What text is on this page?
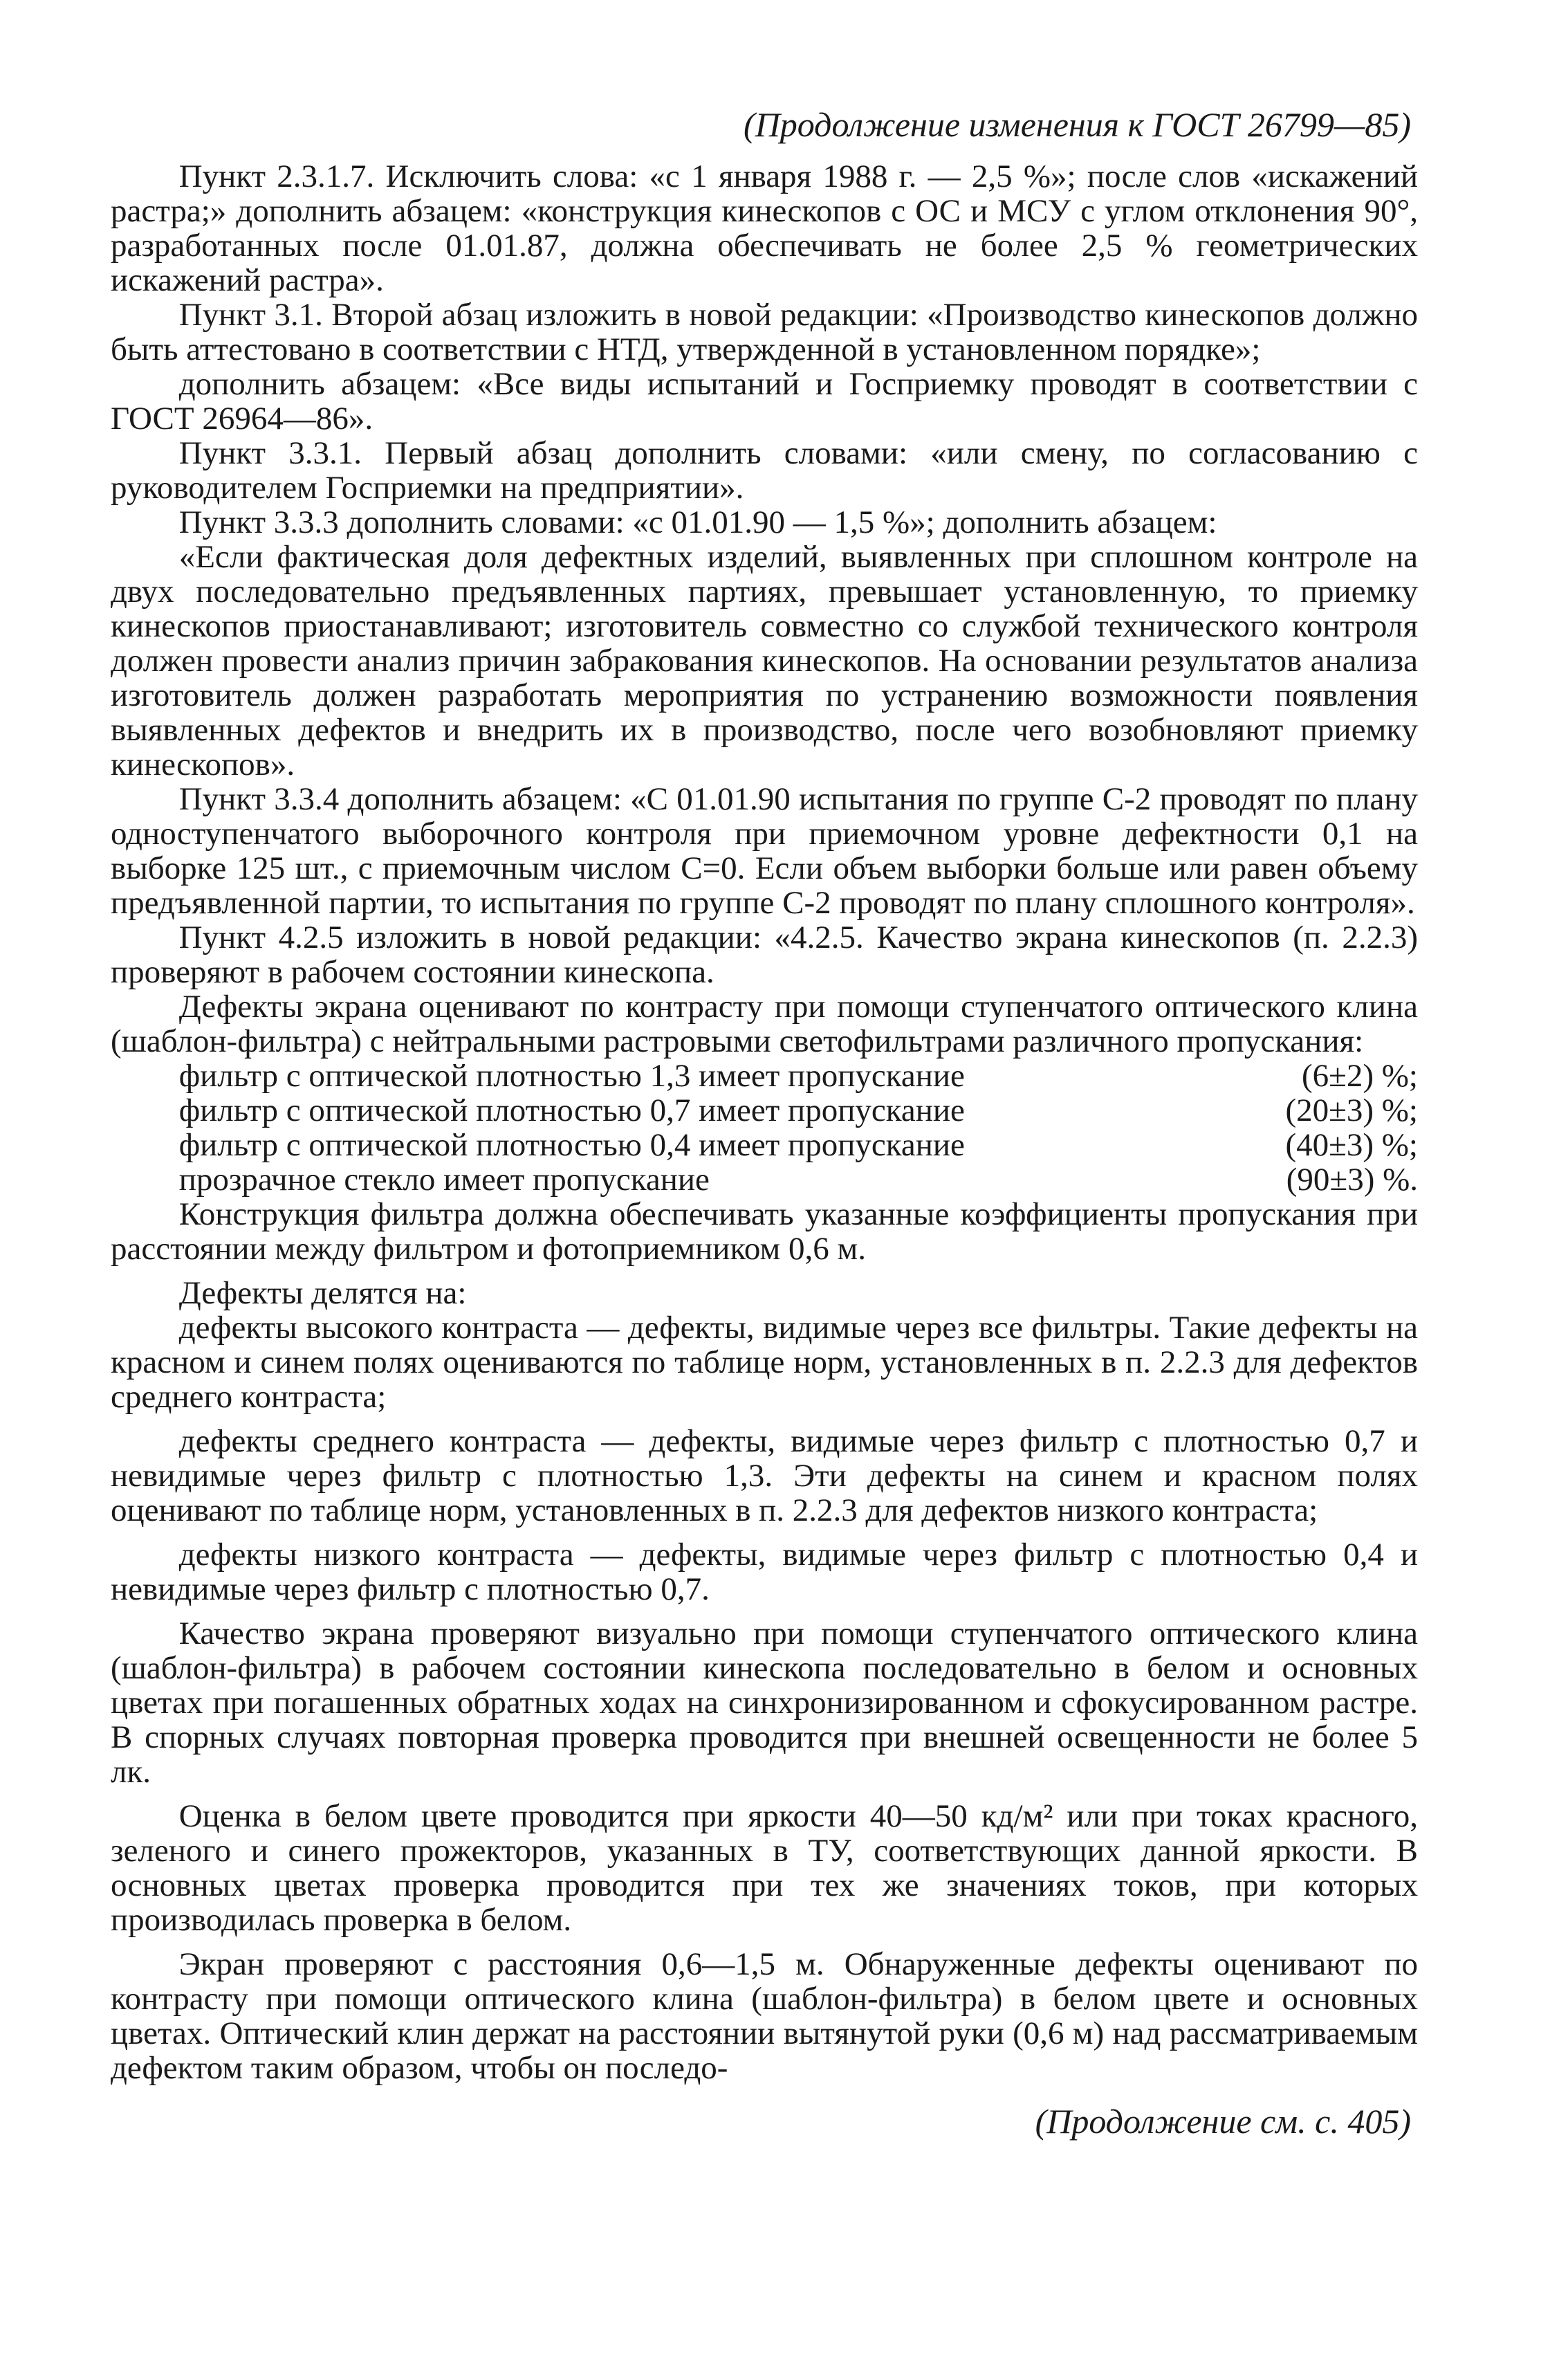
(Продолжение изменения к ГОСТ 26799—85)

Пункт 2.3.1.7. Исключить слова: «с 1 января 1988 г. — 2,5 %»; после слов «искажений растра;» дополнить абзацем: «конструкция кинескопов с ОС и МСУ с углом отклонения 90°, разработанных после 01.01.87, должна обеспечивать не более 2,5 % геометрических искажений растра».

Пункт 3.1. Второй абзац изложить в новой редакции: «Производство кинескопов должно быть аттестовано в соответствии с НТД, утвержденной в установленном порядке»;

дополнить абзацем: «Все виды испытаний и Госприемку проводят в соответствии с ГОСТ 26964—86».

Пункт 3.3.1. Первый абзац дополнить словами: «или смену, по согласованию с руководителем Госприемки на предприятии».

Пункт 3.3.3 дополнить словами: «с 01.01.90 — 1,5 %»; дополнить абзацем:

«Если фактическая доля дефектных изделий, выявленных при сплошном контроле на двух последовательно предъявленных партиях, превышает установленную, то приемку кинескопов приостанавливают; изготовитель совместно со службой технического контроля должен провести анализ причин забракования кинескопов. На основании результатов анализа изготовитель должен разработать мероприятия по устранению возможности появления выявленных дефектов и внедрить их в производство, после чего возобновляют приемку кинескопов».

Пункт 3.3.4 дополнить абзацем: «С 01.01.90 испытания по группе С-2 проводят по плану одноступенчатого выборочного контроля при приемочном уровне дефектности 0,1 на выборке 125 шт., с приемочным числом C=0. Если объем выборки больше или равен объему предъявленной партии, то испытания по группе С-2 проводят по плану сплошного контроля».

Пункт 4.2.5 изложить в новой редакции: «4.2.5. Качество экрана кинескопов (п. 2.2.3) проверяют в рабочем состоянии кинескопа.

Дефекты экрана оценивают по контрасту при помощи ступенчатого оптического клина (шаблон-фильтра) с нейтральными растровыми светофильтрами различного пропускания:

фильтр с оптической плотностью 1,3 имеет пропускание	(6±2) %;
фильтр с оптической плотностью 0,7 имеет пропускание	(20±3) %;
фильтр с оптической плотностью 0,4 имеет пропускание	(40±3) %;
прозрачное стекло имеет пропускание	(90±3) %.

Конструкция фильтра должна обеспечивать указанные коэффициенты пропускания при расстоянии между фильтром и фотоприемником 0,6 м.

Дефекты делятся на:

дефекты высокого контраста — дефекты, видимые через все фильтры. Такие дефекты на красном и синем полях оцениваются по таблице норм, установленных в п. 2.2.3 для дефектов среднего контраста;

дефекты среднего контраста — дефекты, видимые через фильтр с плотностью 0,7 и невидимые через фильтр с плотностью 1,3. Эти дефекты на синем и красном полях оценивают по таблице норм, установленных в п. 2.2.3 для дефектов низкого контраста;

дефекты низкого контраста — дефекты, видимые через фильтр с плотностью 0,4 и невидимые через фильтр с плотностью 0,7.

Качество экрана проверяют визуально при помощи ступенчатого оптического клина (шаблон-фильтра) в рабочем состоянии кинескопа последовательно в белом и основных цветах при погашенных обратных ходах на синхронизированном и сфокусированном растре. В спорных случаях повторная проверка проводится при внешней освещенности не более 5 лк.

Оценка в белом цвете проводится при яркости 40—50 кд/м² или при токах красного, зеленого и синего прожекторов, указанных в ТУ, соответствующих данной яркости. В основных цветах проверка проводится при тех же значениях токов, при которых производилась проверка в белом.

Экран проверяют с расстояния 0,6—1,5 м. Обнаруженные дефекты оценивают по контрасту при помощи оптического клина (шаблон-фильтра) в белом цвете и основных цветах. Оптический клин держат на расстоянии вытянутой руки (0,6 м) над рассматриваемым дефектом таким образом, чтобы он последо-

(Продолжение см. с. 405)
